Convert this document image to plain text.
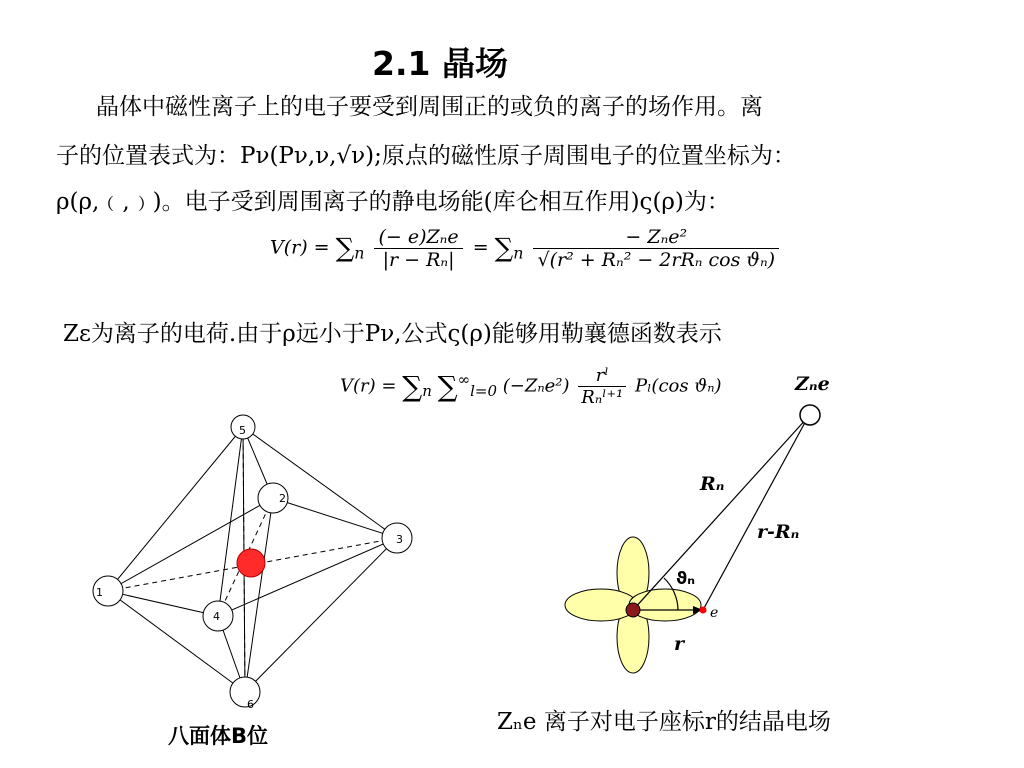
2.1 晶场
晶体中磁性离子上的电子要受到周围正的或负的离子的场作用。离
子的位置表式为：Pν(Pν,ν,√ν);原点的磁性原子周围电子的位置坐标为：
ρ(ρ,﹙,﹚)。电子受到周围离子的静电场能(库仑相互作用)ς(ρ)为：
$V(r) = \sum_n \frac{\text{(− e)Zₙe}}{\text{|r − Rₙ|}} = \sum_n \frac{\text{− Zₙe²}}{\text{√(r² + Rₙ² − 2rRₙ cos ϑₙ)}}$
Zε为离子的电荷.由于ρ远小于Pν,公式ς(ρ)能够用勒襄德函数表示
$V(r) = \sum_n$ $\sum^\infty_{l=0}$ $(-Z_ne^2) \frac{\text{rˡ}}{\text{Rₙˡ⁺¹}} P_l(\cos$ ϑₙ)
5
2
3
1
4
6
八面体B位
Zₙe
Rₙ
r-Rₙ
ϑₙ
e
r
Zₙe 离子对电子座标r的结晶电场
